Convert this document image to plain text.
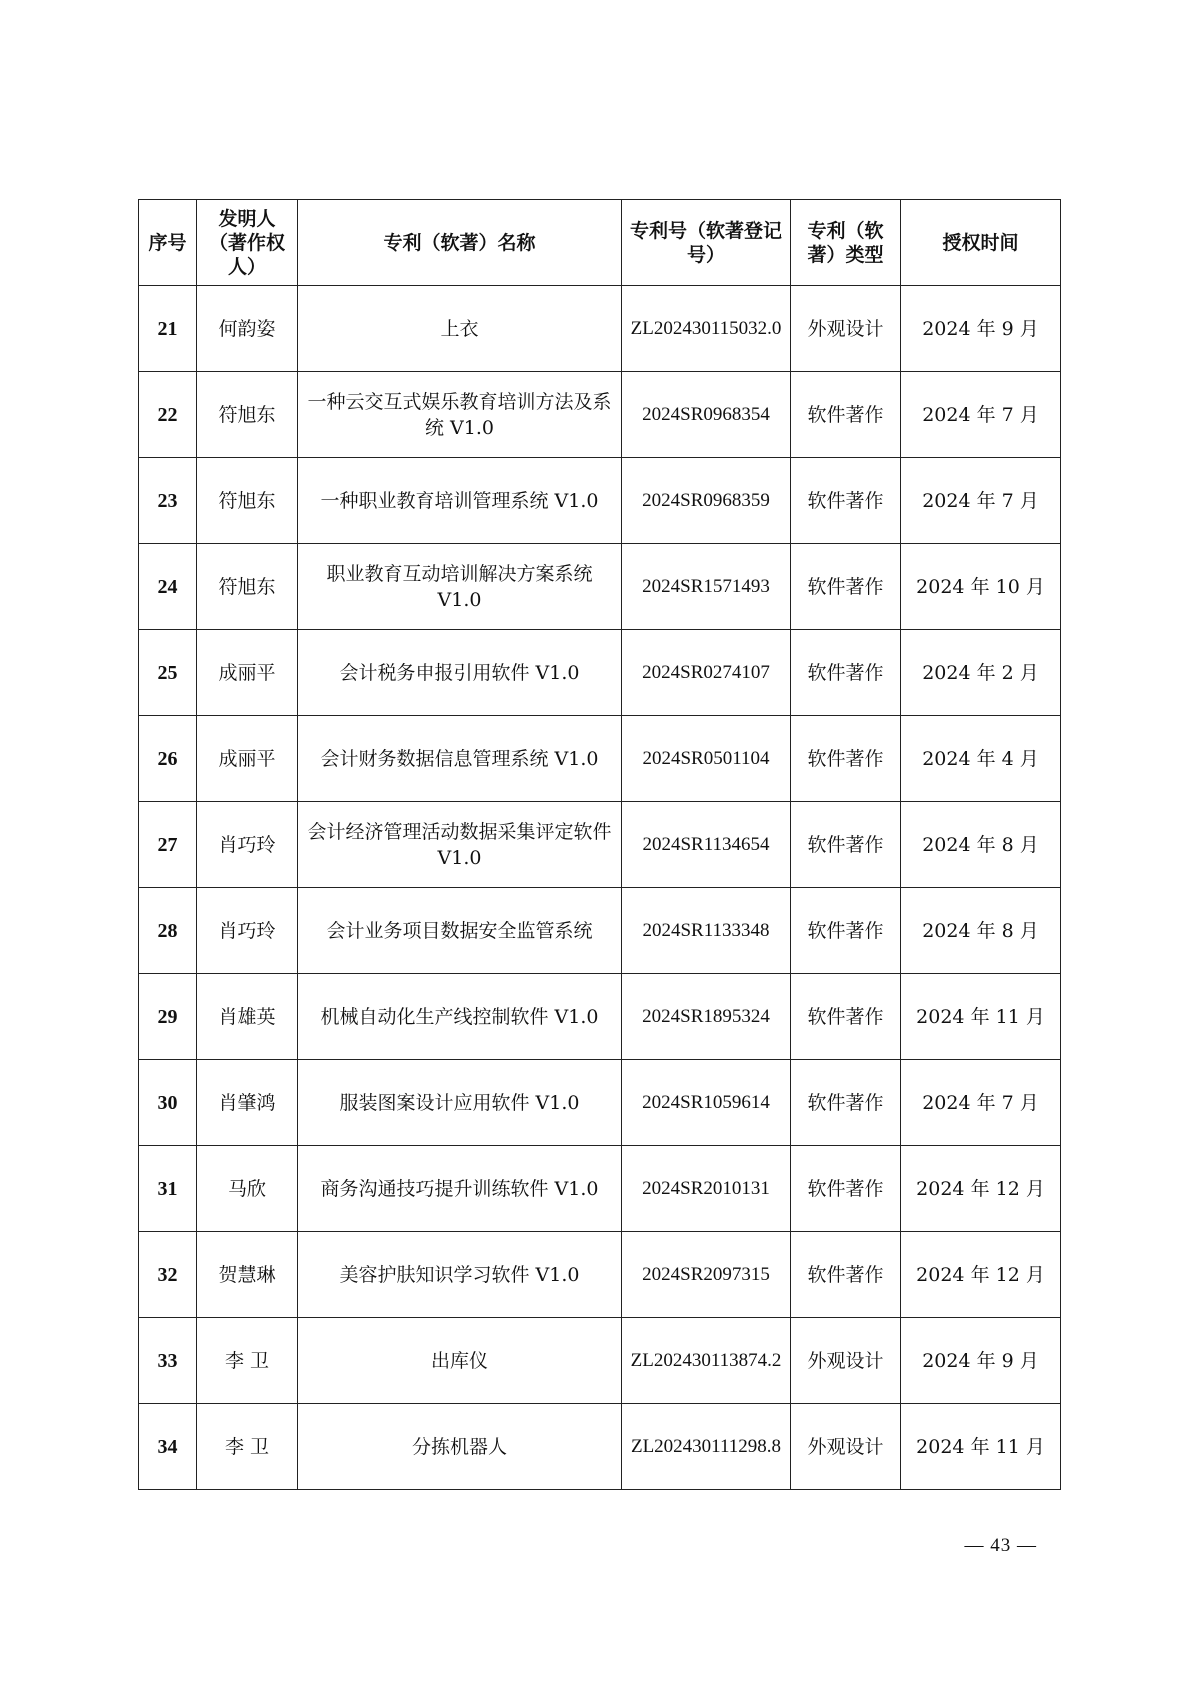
序号	发明人（著作权人）	专利（软著）名称	专利号（软著登记号）	专利（软著）类型	授权时间
21	何韵姿	上衣	ZL202430115032.0	外观设计	2024 年 9 月
22	符旭东	一种云交互式娱乐教育培训方法及系统 V1.0	2024SR0968354	软件著作	2024 年 7 月
23	符旭东	一种职业教育培训管理系统 V1.0	2024SR0968359	软件著作	2024 年 7 月
24	符旭东	职业教育互动培训解决方案系统 V1.0	2024SR1571493	软件著作	2024 年 10 月
25	成丽平	会计税务申报引用软件 V1.0	2024SR0274107	软件著作	2024 年 2 月
26	成丽平	会计财务数据信息管理系统 V1.0	2024SR0501104	软件著作	2024 年 4 月
27	肖巧玲	会计经济管理活动数据采集评定软件 V1.0	2024SR1134654	软件著作	2024 年 8 月
28	肖巧玲	会计业务项目数据安全监管系统	2024SR1133348	软件著作	2024 年 8 月
29	肖雄英	机械自动化生产线控制软件 V1.0	2024SR1895324	软件著作	2024 年 11 月
30	肖肇鸿	服装图案设计应用软件 V1.0	2024SR1059614	软件著作	2024 年 7 月
31	马欣	商务沟通技巧提升训练软件 V1.0	2024SR2010131	软件著作	2024 年 12 月
32	贺慧琳	美容护肤知识学习软件 V1.0	2024SR2097315	软件著作	2024 年 12 月
33	李 卫	出库仪	ZL202430113874.2	外观设计	2024 年 9 月
34	李 卫	分拣机器人	ZL202430111298.8	外观设计	2024 年 11 月
— 43 —
